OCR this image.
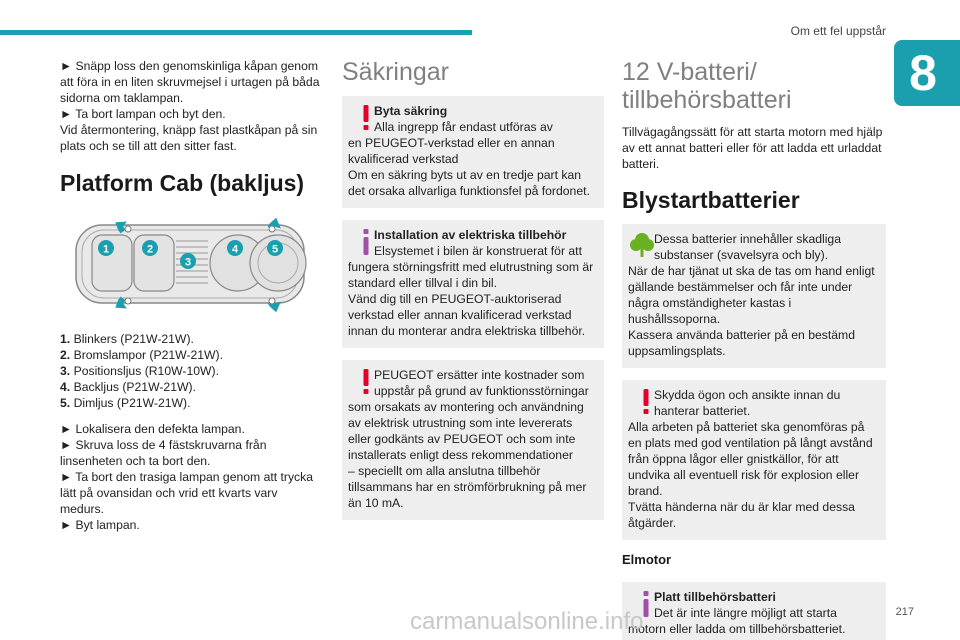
Om ett fel uppstår
8

► Snäpp loss den genomskinliga kåpan genom att föra in en liten skruvmejsel i urtagen på båda sidorna om taklampan.

► Ta bort lampan och byt den.

Vid återmontering, knäpp fast plastkåpan på sin plats och se till att den sitter fast.

Platform Cab (bakljus)
1	2
3
4	5
1. Blinkers (P21W-21W).
2. Bromslampor (P21W-21W).
3. Positionsljus (R10W-10W).
4. Backljus (P21W-21W).
5. Dimljus (P21W-21W).

► Lokalisera den defekta lampan.

► Skruva loss de 4 fästskruvarna från linsenheten och ta bort den.

► Ta bort den trasiga lampan genom att trycka lätt på ovansidan och vrid ett kvarts varv medurs.

► Byt lampan.

Säkringar
Byta säkring
Alla ingrepp får endast utföras av
en PEUGEOT-verkstad eller en annan kvalificerad verkstad
Om en säkring byts ut av en tredje part kan det orsaka allvarliga funktionsfel på fordonet.
Installation av elektriska tillbehör
Elsystemet i bilen är konstruerat för att
fungera störningsfritt med elutrustning som är standard eller tillval i din bil.
Vänd dig till en PEUGEOT-auktoriserad verkstad eller annan kvalificerad verkstad innan du monterar andra elektriska tillbehör.
PEUGEOT ersätter inte kostnader som uppstår på grund av funktionsstörningar
som orsakats av montering och användning av elektrisk utrustning som inte levererats eller godkänts av PEUGEOT och som inte installerats enligt dess rekommendationer
– speciellt om alla anslutna tillbehör tillsammans har en strömförbrukning på mer än 10 mA.
12 V-batteri/
tillbehörsbatteri

Tillvägagångssätt för att starta motorn med hjälp av ett annat batteri eller för att ladda ett urladdat batteri.

Blystartbatterier
Dessa batterier innehåller skadliga substanser (svavelsyra och bly).
När de har tjänat ut ska de tas om hand enligt gällande bestämmelser och får inte under några omständigheter kastas i hushållssoporna.
Kassera använda batterier på en bestämd uppsamlingsplats.
Skydda ögon och ansikte innan du hanterar batteriet.
Alla arbeten på batteriet ska genomföras på en plats med god ventilation på långt avstånd från öppna lågor eller gnistkällor, för att undvika all eventuell risk för explosion eller brand.
Tvätta händerna när du är klar med dessa åtgärder.
Elmotor
Platt tillbehörsbatteri
Det är inte längre möjligt att starta
motorn eller ladda om tillbehörsbatteriet.
217
carmanualsonline.info
